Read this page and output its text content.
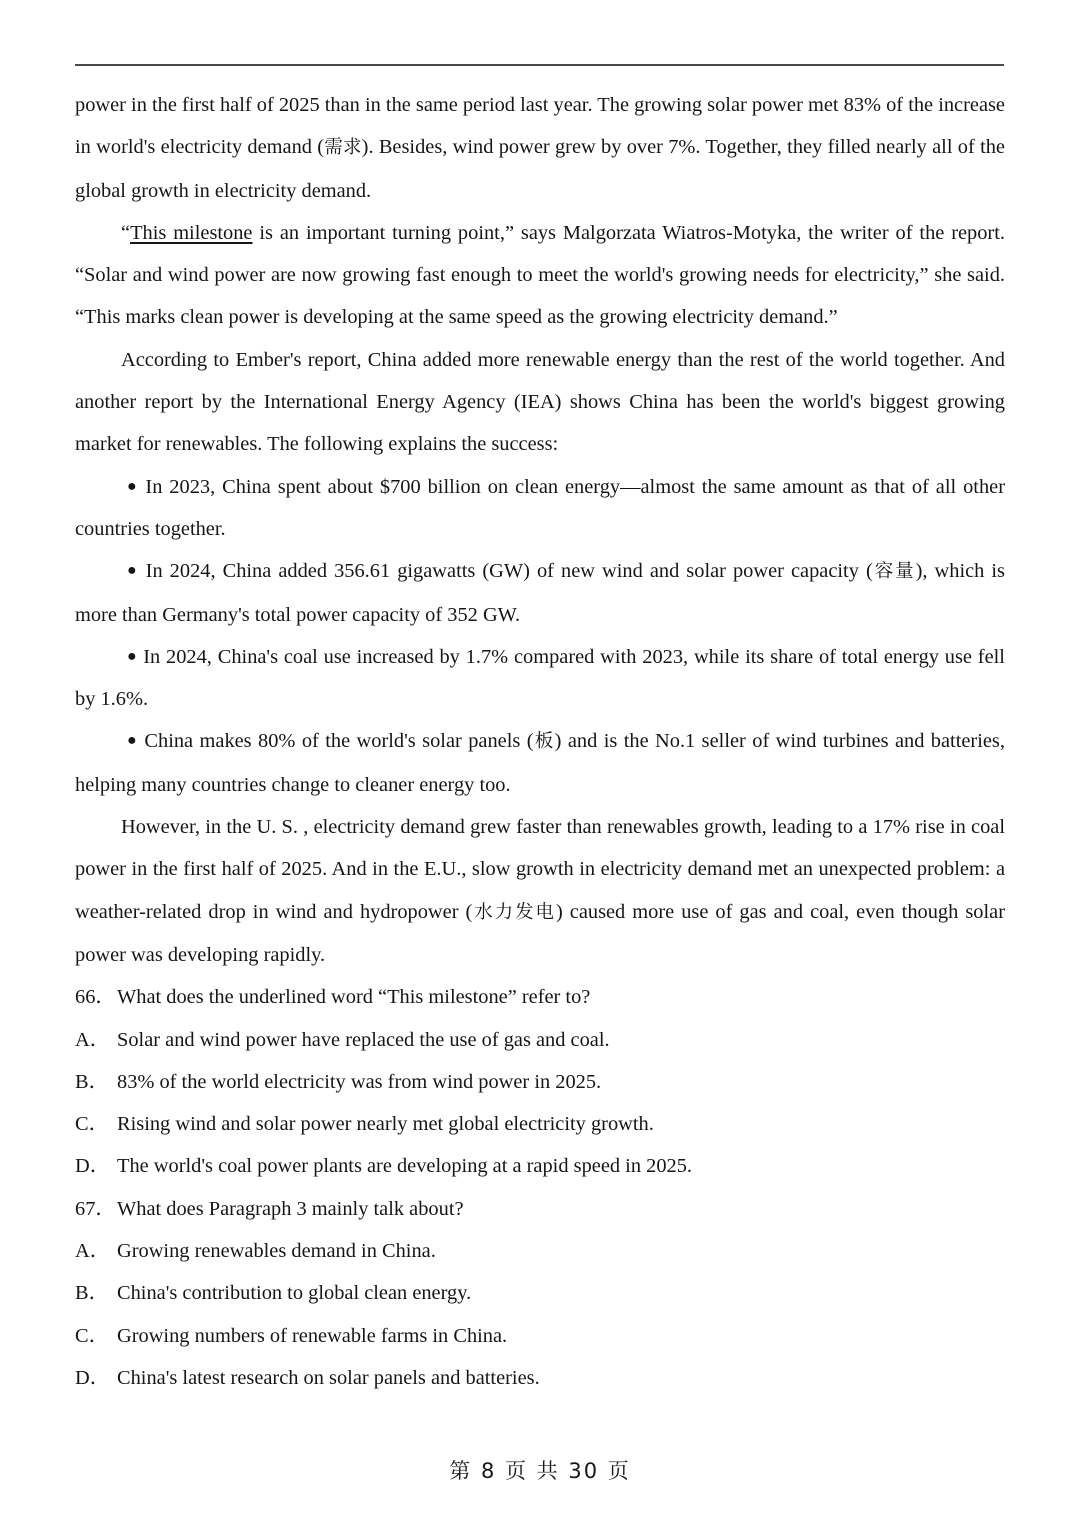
power in the first half of 2025 than in the same period last year. The growing solar power met 83% of the increase in world's electricity demand (需求). Besides, wind power grew by over 7%. Together, they filled nearly all of the global growth in electricity demand.

“This milestone is an important turning point,” says Malgorzata Wiatros-Motyka, the writer of the report. “Solar and wind power are now growing fast enough to meet the world's growing needs for electricity,” she said. “This marks clean power is developing at the same speed as the growing electricity demand.”

According to Ember's report, China added more renewable energy than the rest of the world together. And another report by the International Energy Agency (IEA) shows China has been the world's biggest growing market for renewables. The following explains the success:

● In 2023, China spent about $700 billion on clean energy—almost the same amount as that of all other countries together.

● In 2024, China added 356.61 gigawatts (GW) of new wind and solar power capacity (容量), which is more than Germany's total power capacity of 352 GW.

● In 2024, China's coal use increased by 1.7% compared with 2023, while its share of total energy use fell by 1.6%.

● China makes 80% of the world's solar panels (板) and is the No.1 seller of wind turbines and batteries, helping many countries change to cleaner energy too.

However, in the U. S. , electricity demand grew faster than renewables growth, leading to a 17% rise in coal power in the first half of 2025. And in the E.U., slow growth in electricity demand met an unexpected problem: a weather-related drop in wind and hydropower (水力发电) caused more use of gas and coal, even though solar power was developing rapidly.

66．What does the underlined word “This milestone” refer to?

A． Solar and wind power have replaced the use of gas and coal.

B． 83% of the world electricity was from wind power in 2025.

C． Rising wind and solar power nearly met global electricity growth.

D． The world's coal power plants are developing at a rapid speed in 2025.

67．What does Paragraph 3 mainly talk about?

A． Growing renewables demand in China.

B． China's contribution to global clean energy.

C． Growing numbers of renewable farms in China.

D． China's latest research on solar panels and batteries.

第 8 页 共 30 页
